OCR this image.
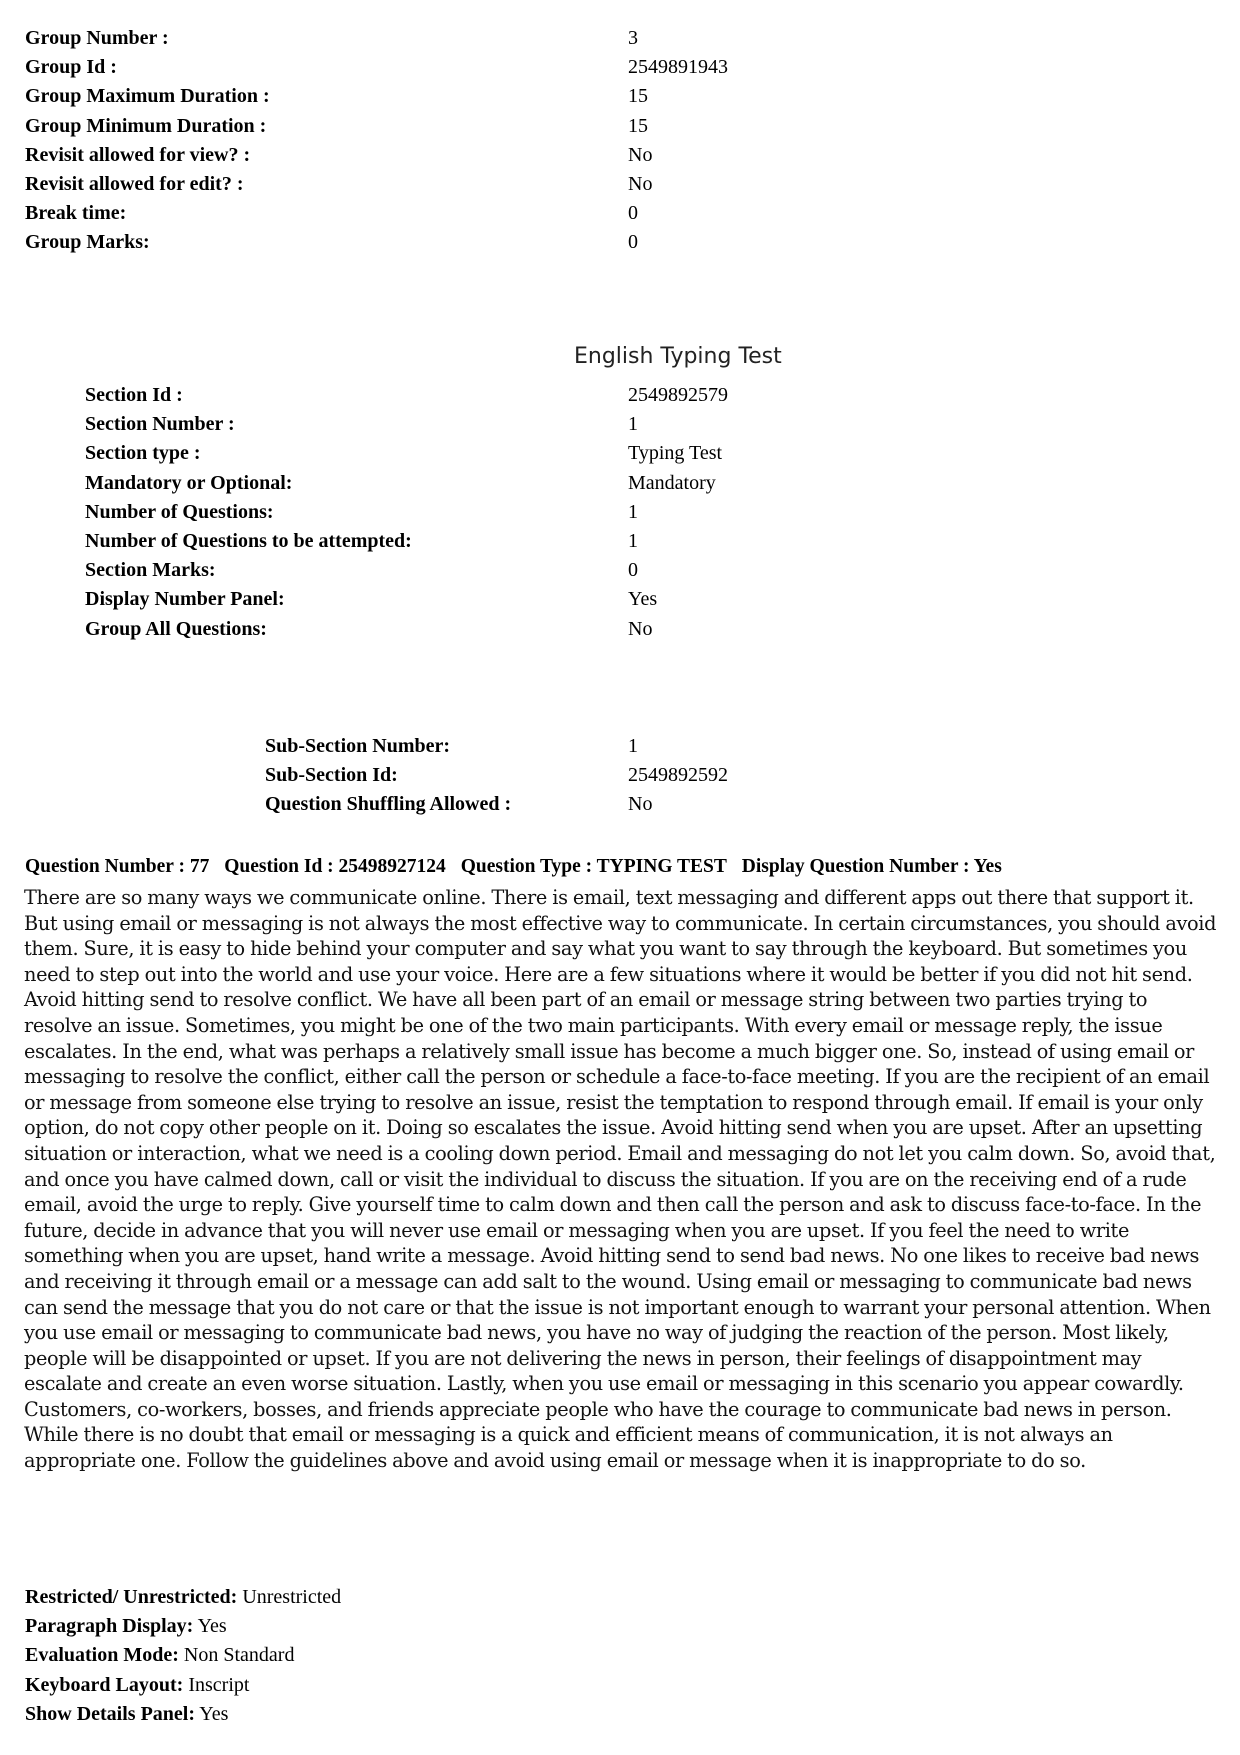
Group Number :	3
Group Id :	2549891943
Group Maximum Duration :	15
Group Minimum Duration :	15
Revisit allowed for view? :	No
Revisit allowed for edit? :	No
Break time:	0
Group Marks:	0
English Typing Test
Section Id :	2549892579
Section Number :	1
Section type :	Typing Test
Mandatory or Optional:	Mandatory
Number of Questions:	1
Number of Questions to be attempted:	1
Section Marks:	0
Display Number Panel:	Yes
Group All Questions:	No
Sub-Section Number:	1
Sub-Section Id:	2549892592
Question Shuffling Allowed :	No
Question Number : 77 Question Id : 25498927124 Question Type : TYPING TEST Display Question Number : Yes

There are so many ways we communicate online. There is email, text messaging and different apps out there that support it. But using email or messaging is not always the most effective way to communicate. In certain circumstances, you should avoid them. Sure, it is easy to hide behind your computer and say what you want to say through the keyboard. But sometimes you need to step out into the world and use your voice. Here are a few situations where it would be better if you did not hit send. Avoid hitting send to resolve conflict. We have all been part of an email or message string between two parties trying to resolve an issue. Sometimes, you might be one of the two main participants. With every email or message reply, the issue escalates. In the end, what was perhaps a relatively small issue has become a much bigger one. So, instead of using email or messaging to resolve the conflict, either call the person or schedule a face-to-face meeting. If you are the recipient of an email or message from someone else trying to resolve an issue, resist the temptation to respond through email. If email is your only option, do not copy other people on it. Doing so escalates the issue. Avoid hitting send when you are upset. After an upsetting situation or interaction, what we need is a cooling down period. Email and messaging do not let you calm down. So, avoid that, and once you have calmed down, call or visit the individual to discuss the situation. If you are on the receiving end of a rude email, avoid the urge to reply. Give yourself time to calm down and then call the person and ask to discuss face-to-face. In the future, decide in advance that you will never use email or messaging when you are upset. If you feel the need to write something when you are upset, hand write a message. Avoid hitting send to send bad news. No one likes to receive bad news and receiving it through email or a message can add salt to the wound. Using email or messaging to communicate bad news can send the message that you do not care or that the issue is not important enough to warrant your personal attention. When you use email or messaging to communicate bad news, you have no way of judging the reaction of the person. Most likely, people will be disappointed or upset. If you are not delivering the news in person, their feelings of disappointment may escalate and create an even worse situation. Lastly, when you use email or messaging in this scenario you appear cowardly. Customers, co-workers, bosses, and friends appreciate people who have the courage to communicate bad news in person. While there is no doubt that email or messaging is a quick and efficient means of communication, it is not always an appropriate one. Follow the guidelines above and avoid using email or message when it is inappropriate to do so.

Restricted/ Unrestricted: Unrestricted
Paragraph Display: Yes
Evaluation Mode: Non Standard
Keyboard Layout: Inscript
Show Details Panel: Yes
